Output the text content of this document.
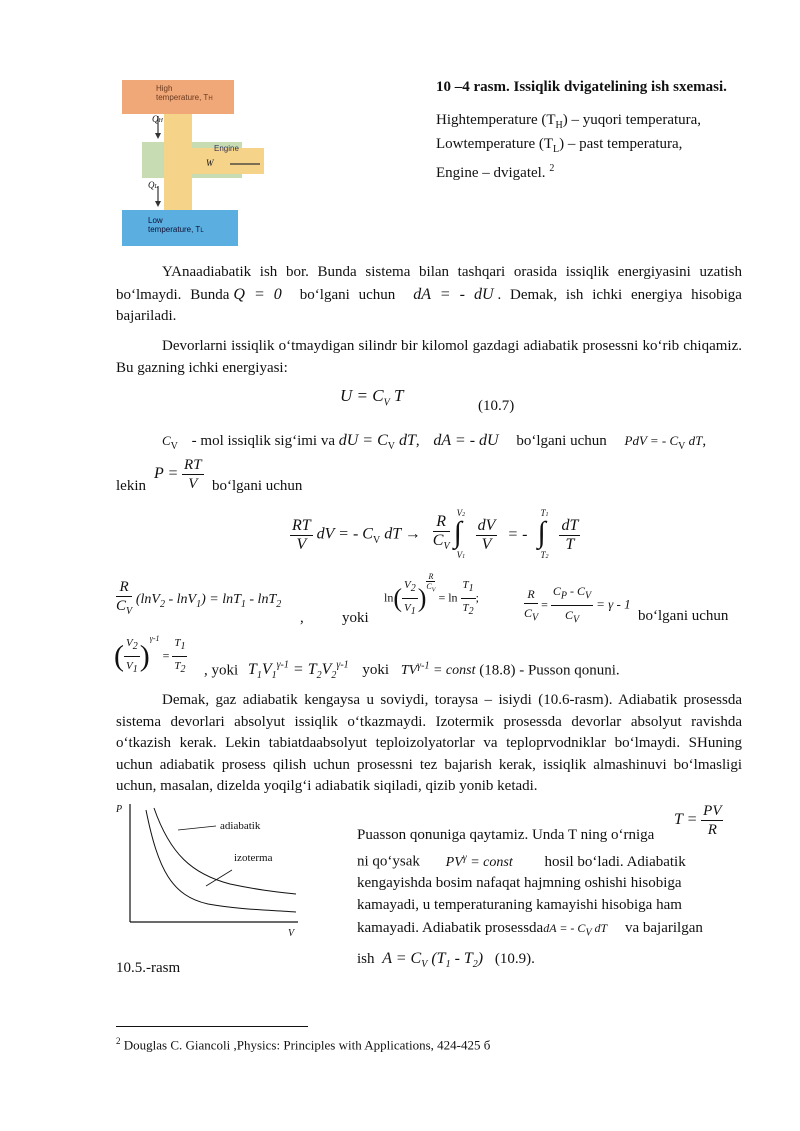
High
temperature, TH
QH
Engine
W
QL
Low
temperature, TL
10 –4 rasm. Issiqlik dvigatelining ish sxemasi.
Hightemperature $(T_H)$ – yuqori temperatura,
Lowtemperature $(T_L)$ – past temperatura,
Engine – dvigatel. $^2$

YAnaadiabatik ish bor. Bunda sistema bilan tashqari orasida issiqlik energiyasini uzatish bo‘lmaydi. Bunda Q = 0 bo‘lgani uchun dA = - dU . Demak, ish ichki energiya hisobiga bajariladi.

Devorlarni issiqlik o‘tmaydigan silindr bir kilomol gazdagi adiabatik prosessni ko‘rib chiqamiz. Bu gazning ichki energiyasi:

$U = C_V$ T
(10.7)
$C_V$ - mol issiqlik sig‘imi va dU = $C_V$ dT, dA = - dU bo‘lgani uchun PdV = - $C_V$ dT,
lekin
$P = \frac{RT}{V}$ bo‘lgani uchun
$\frac{RT}{V}$ dV = - $C_V$ dT → $\frac{R}{C_V}$

V2
∫
V1

$\frac{dV}{V}$ = -
T1
∫
T2

$\frac{dT}{T}$
$\frac{R}{C_V} (\ln V_2 - \ln V_1) = \ln T_1 - \ln T_2$
,	yoki
$\ln( \frac{V_2}{V_1}$ ) $\frac{R}{C_V}$
= $\ln \frac{T_1}{T_2}$ ;	$\frac{R}{C_V} = \frac{C_P - C_V}{C_V} = \gamma - 1$
bo‘lgani uchun
( $\frac{V_2}{V_1} )^{\gamma-1} = \frac{T_1}{T_2}$ , yoki $T_1V_1^{\gamma-1} = T_2V_2^{\gamma-1}$ yoki $TV^{\gamma-1}$ = const (18.8) - Pusson qonuni.

Demak, gaz adiabatik kengaysa u soviydi, toraysa – isiydi (10.6-rasm). Adiabatik prosessda sistema devorlari absolyut issiqlik o‘tkazmaydi. Izotermik prosessda devorlar absolyut ravishda o‘tkazish kerak. Lekin tabiatdaabsolyut teploizolyatorlar va teploprvodniklar bo‘lmaydi. SHuning uchun adiabatik prosess qilish uchun prosessni tez bajarish kerak, issiqlik almashinuvi bo‘lmasligi uchun, masalan, dizelda yoqilg‘i adiabatik siqiladi, qizib yonib ketadi.

P
V
adiabatik
izoterma
10.5.-rasm
Puasson qonuniga qaytamiz. Unda T ning o‘rniga
$T = \frac{PV}{R}$
ni qo‘ysak $PV^\gamma$ = const hosil bo‘ladi. Adiabatik
kengayishda bosim nafaqat hajmning oshishi hisobiga
kamayadi, u temperaturaning kamayishi hisobiga ham
kamayadi. Adiabatik prosessdadA = - $C_V$ dT va bajarilgan
ish $A = C_V$ $(T_1 - T_2)$ (10.9).
$^2$ Douglas C. Giancoli ,Physics: Principles with Applications, 424-425 б
